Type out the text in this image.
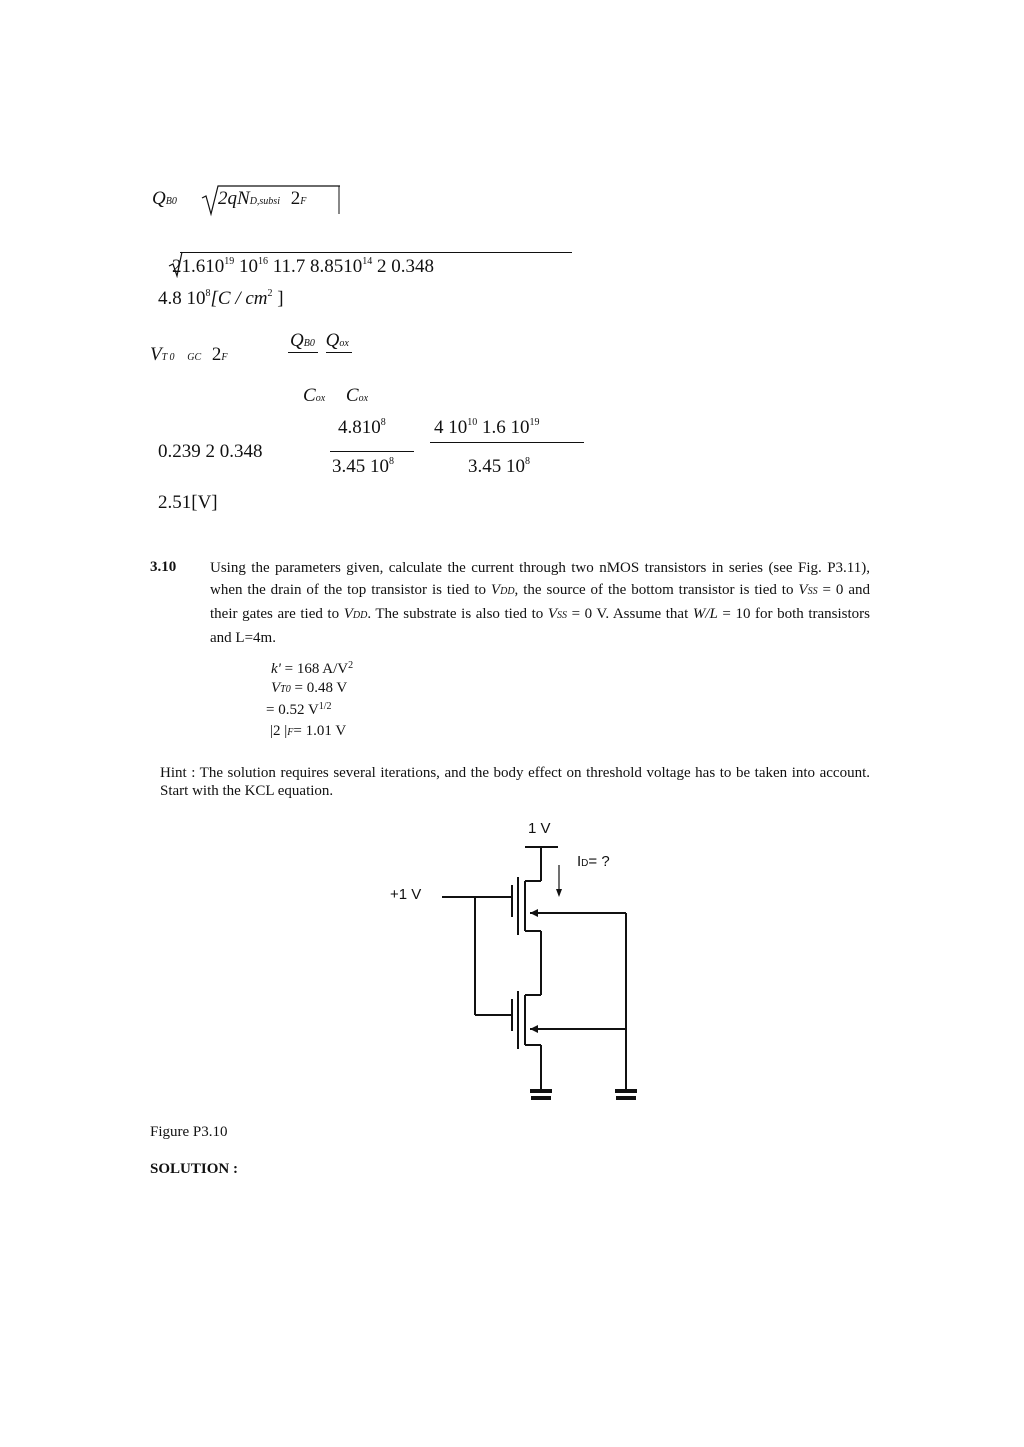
QB0 2qND,subsi 2F
21.610$^{19}$ $10^{16}$ 11.7 8.8510$^{14}$ 2 0.348
4.8 $10^8[C / cm^2$ ]
VT 0 GC 2F
QB0 Qox
Cox Cox
4.810$^8$	4 $10^{10}$ 1.6 $10^{19}$
0.239 2 0.348
3.45 $10^8$	3.45 $10^8$
2.51[V]
3.10 Using the parameters given, calculate the current through two nMOS transistors in series (see Fig. P3.11), when the drain of the top transistor is tied to VDD, the source of the bottom transistor is tied to VSS = 0 and their gates are tied to VDD. The substrate is also tied to VSS = 0 V. Assume that W/L = 10 for both transistors and L=4m.
k' = 168 $A/V^2$
VT0 = 0.48 V
= 0.52 $V^{1/2}$
|2 |F= 1.01 V
Hint : The solution requires several iterations, and the body effect on threshold voltage has to be taken into account. Start with the KCL equation.
1 V
ID= ?
+1 V
Figure P3.10
SOLUTION :
